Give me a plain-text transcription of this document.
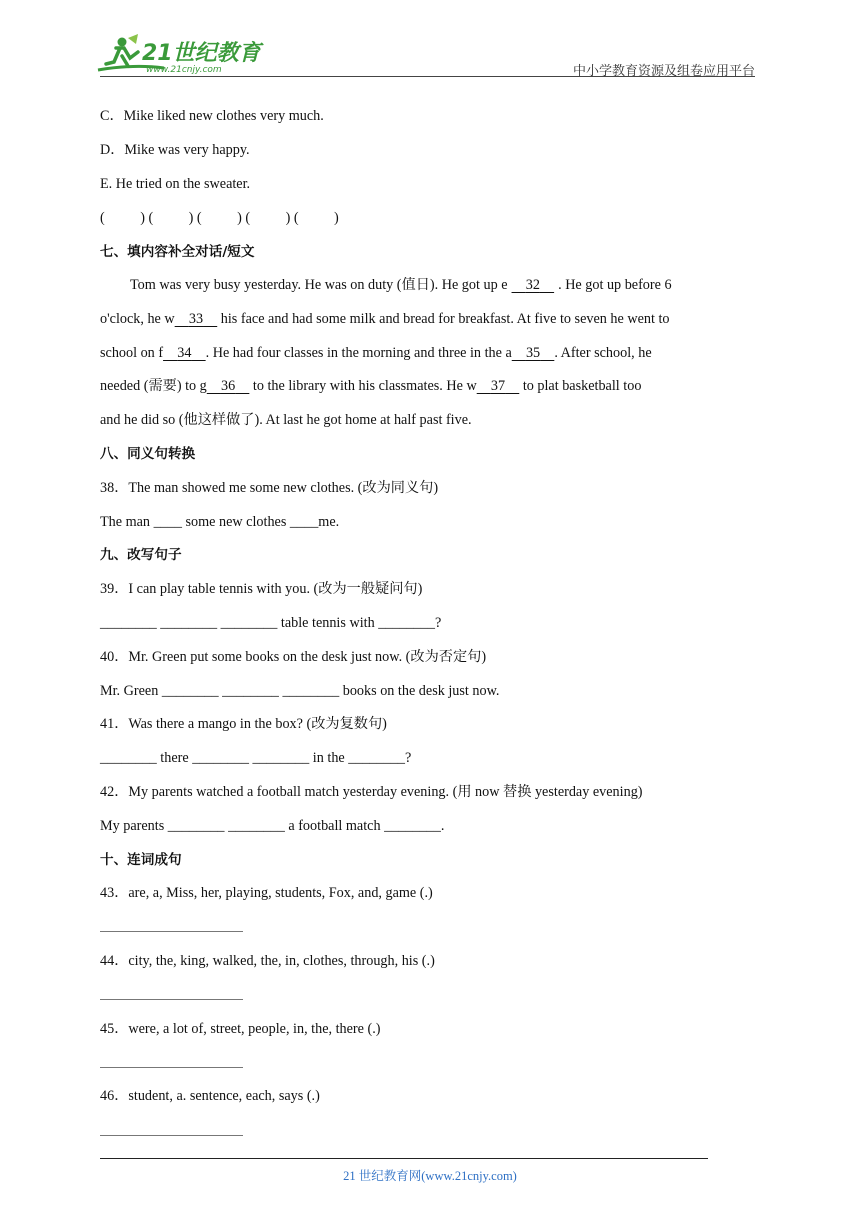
21世纪教育
www.21cnjy.com	中小学教育资源及组卷应用平台
C．Mike liked new clothes very much.
D．Mike was very happy.
E. He tried on the sweater.
(          ) (          ) (          ) (          ) (          )
七、填内容补全对话/短文
Tom was very busy yesterday. He was on duty (值日). He got up e 32 . He got up before 6
o'clock, he w 33     his face and had some milk and bread for breakfast. At five to seven he went to
school on f 34 . He had four classes in the morning and three in the a 35 . After school, he
needed (需要) to g 36     to the library with his classmates. He w 37     to plat basketball too
and he did so (他这样做了). At last he got home at half past five.
八、同义句转换
38．The man showed me some new clothes. (改为同义句)
The man ____ some new clothes ____me.
九、改写句子
39．I can play table tennis with you. (改为一般疑问句)
________ ________ ________ table tennis with ________?
40．Mr. Green put some books on the desk just now. (改为否定句)
Mr. Green ________ ________ ________ books on the desk just now.
41．Was there a mango in the box? (改为复数句)
________ there ________ ________ in the ________?
42．My parents watched a football match yesterday evening. (用 now 替换 yesterday evening)
My parents ________ ________ a football match ________.
十、连词成句
43．are, a, Miss, her, playing, students, Fox, and, game (.)
44．city, the, king, walked, the, in, clothes, through, his (.)
45．were, a lot of, street, people, in, the, there (.)
46．student, a. sentence, each, says (.)
21 世纪教育网(www.21cnjy.com)
